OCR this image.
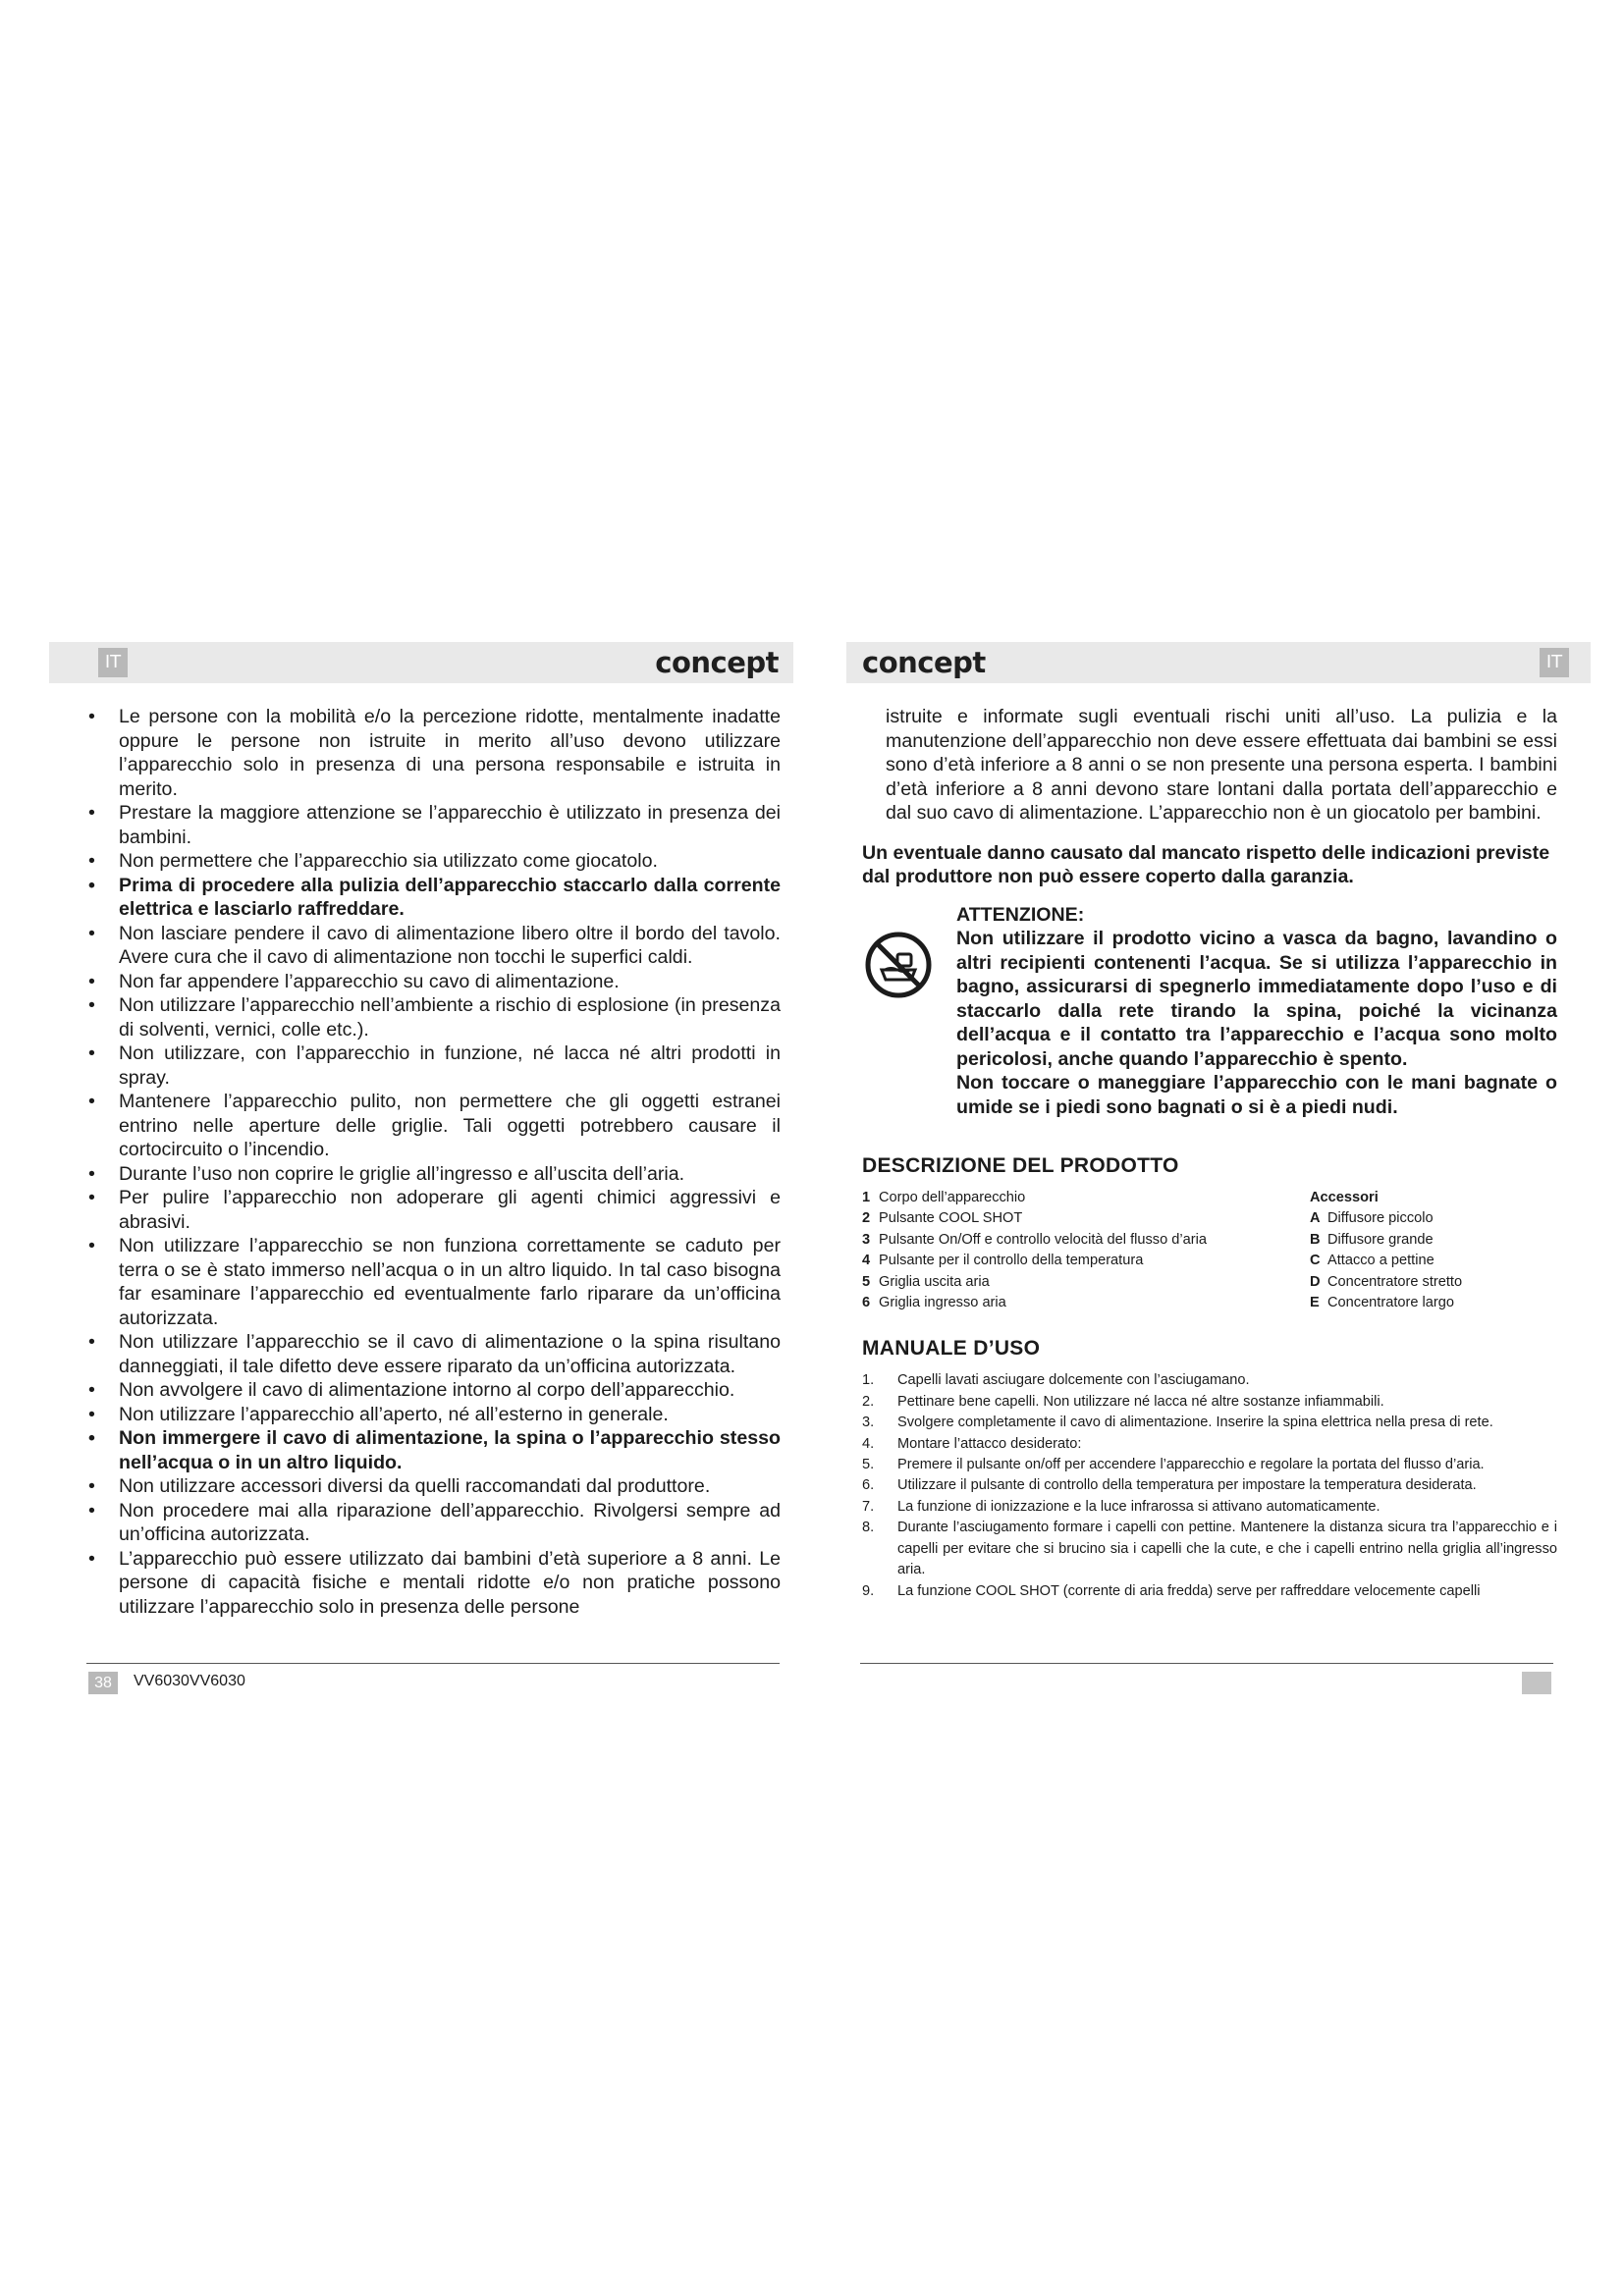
IT	concept	concept	IT
• Le persone con la mobilità e/o la percezione ridotte, mentalmente inadatte oppure le persone non istruite in merito all’uso devono utilizzare l’apparecchio solo in presenza di una persona responsabile e istruita in merito.
• Prestare la maggiore attenzione se l’apparecchio è utilizzato in presenza dei bambini.
• Non permettere che l’apparecchio sia utilizzato come giocatolo.
• Prima di procedere alla pulizia dell’apparecchio staccarlo dalla corrente elettrica e lasciarlo raffreddare.
• Non lasciare pendere il cavo di alimentazione libero oltre il bordo del tavolo. Avere cura che il cavo di alimentazione non tocchi le superfici caldi.
• Non far appendere l’apparecchio su cavo di alimentazione.
• Non utilizzare l’apparecchio nell’ambiente a rischio di esplosione (in presenza di solventi, vernici, colle etc.).
• Non utilizzare, con l’apparecchio in funzione, né lacca né altri prodotti in spray.
• Mantenere l’apparecchio pulito, non permettere che gli oggetti estranei entrino nelle aperture delle griglie. Tali oggetti potrebbero causare il cortocircuito o l’incendio.
• Durante l’uso non coprire le griglie all’ingresso e all’uscita dell’aria.
• Per pulire l’apparecchio non adoperare gli agenti chimici aggressivi e abrasivi.
• Non utilizzare l’apparecchio se non funziona correttamente se caduto per terra o se è stato immerso nell’acqua o in un altro liquido. In tal caso bisogna far esaminare l’apparecchio ed eventualmente farlo riparare da un’officina autorizzata.
• Non utilizzare l’apparecchio se il cavo di alimentazione o la spina risultano danneggiati, il tale difetto deve essere riparato da un’officina autorizzata.
• Non avvolgere il cavo di alimentazione intorno al corpo dell’apparecchio.
• Non utilizzare l’apparecchio all’aperto, né all’esterno in generale.
• Non immergere il cavo di alimentazione, la spina o l’apparecchio stesso nell’acqua o in un altro liquido.
• Non utilizzare accessori diversi da quelli raccomandati dal produttore.
• Non procedere mai alla riparazione dell’apparecchio. Rivolgersi sempre ad un’officina autorizzata.
• L’apparecchio può essere utilizzato dai bambini d’età superiore a 8 anni. Le persone di capacità fisiche e mentali ridotte e/o non pratiche possono utilizzare l’apparecchio solo in presenza delle persone

istruite e informate sugli eventuali rischi uniti all’uso. La pulizia e la manutenzione dell’apparecchio non deve essere effettuata dai bambini se essi sono d’età inferiore a 8 anni o se non presente una persona esperta. I bambini d’età inferiore a 8 anni devono stare lontani dalla portata dell’apparecchio e dal suo cavo di alimentazione. L’apparecchio non è un giocatolo per bambini.

Un eventuale danno causato dal mancato rispetto delle indicazioni previste dal produttore non può essere coperto dalla garanzia.

ATTENZIONE:

Non utilizzare il prodotto vicino a vasca da bagno, lavandino o altri recipienti contenenti l’acqua. Se si utilizza l’apparecchio in bagno, assicurarsi di spegnerlo immediatamente dopo l’uso e di staccarlo dalla rete tirando la spina, poiché la vicinanza dell’acqua e il contatto tra l’apparecchio e l’acqua sono molto pericolosi, anche quando l’apparecchio è spento.

Non toccare o maneggiare l’apparecchio con le mani bagnate o umide se i piedi sono bagnati o si è a piedi nudi.

DESCRIZIONE DEL PRODOTTO
1 Corpo dell’apparecchio
2 Pulsante COOL SHOT
3 Pulsante On/Off e controllo velocità del flusso d’aria
4 Pulsante per il controllo della temperatura
5 Griglia uscita aria
6 Griglia ingresso aria
Accessori
A Diffusore piccolo
B Diffusore grande
C Attacco a pettine
D Concentratore stretto
E Concentratore largo
MANUALE D’USO
1. Capelli lavati asciugare dolcemente con l’asciugamano.
2. Pettinare bene capelli. Non utilizzare né lacca né altre sostanze infiammabili.
3. Svolgere completamente il cavo di alimentazione. Inserire la spina elettrica nella presa di rete.
4. Montare l’attacco desiderato:
5. Premere il pulsante on/off per accendere l’apparecchio e regolare la portata del flusso d’aria.
6. Utilizzare il pulsante di controllo della temperatura per impostare la temperatura desiderata.
7. La funzione di ionizzazione e la luce infrarossa si attivano automaticamente.
8. Durante l’asciugamento formare i capelli con pettine. Mantenere la distanza sicura tra l’apparecchio e i capelli per evitare che si brucino sia i capelli che la cute, e che i capelli entrino nella griglia all’ingresso aria.
9. La funzione COOL SHOT (corrente di aria fredda) serve per raffreddare velocemente capelli
38	VV6030VV6030
